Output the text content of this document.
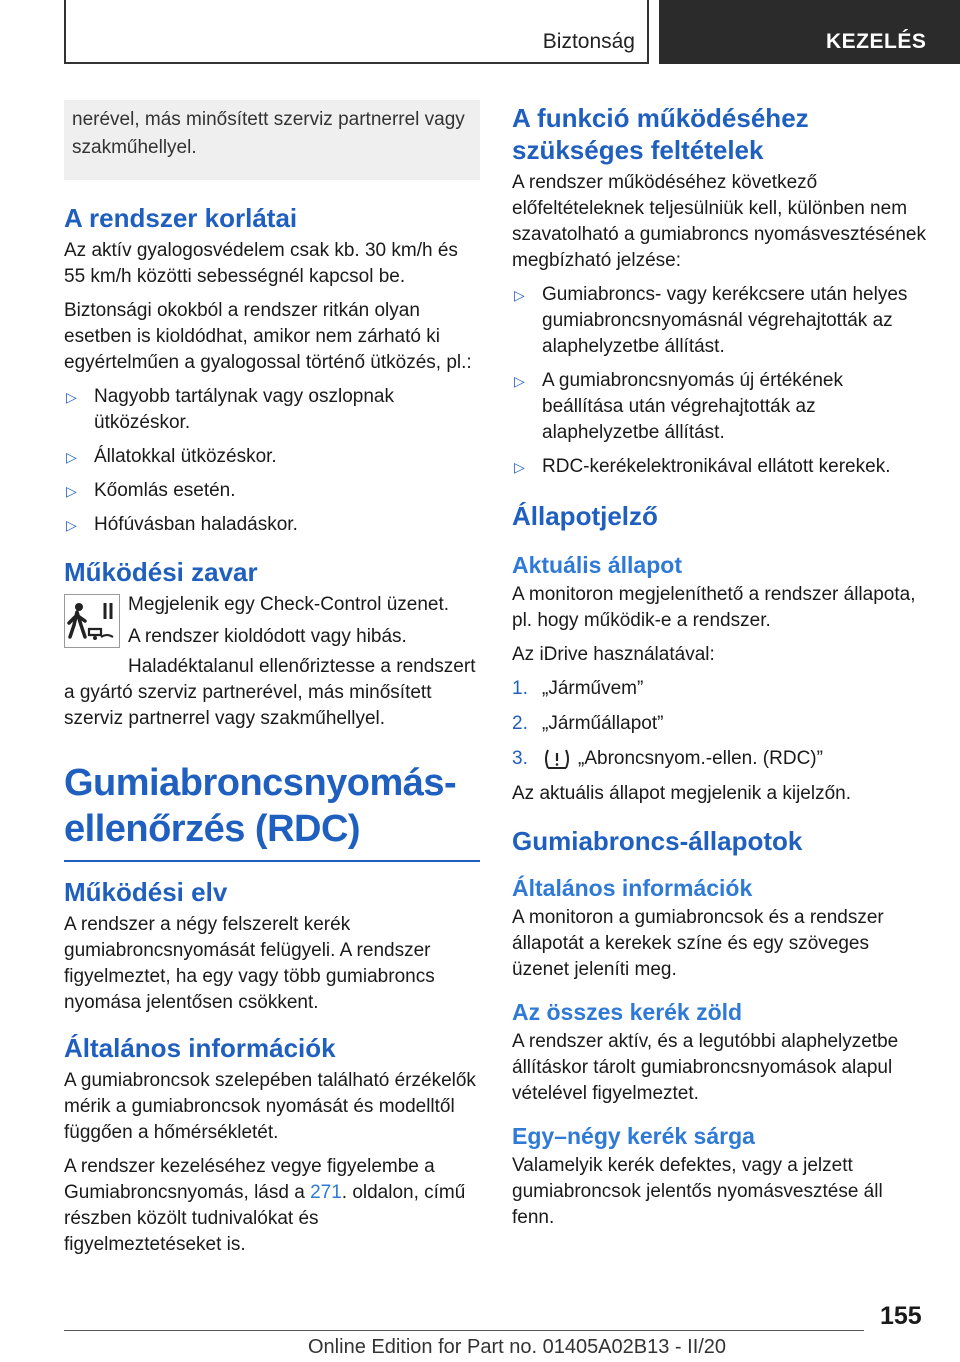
Biztonság	KEZELÉS
nerével, más minősített szerviz partnerrel vagy szakműhellyel.
A rendszer korlátai

Az aktív gyalogosvédelem csak kb. 30 km/h és 55 km/h közötti sebességnél kapcsol be.

Biztonsági okokból a rendszer ritkán olyan esetben is kioldódhat, amikor nem zárható ki egyértelműen a gyalogossal történő ütközés, pl.:

▷ Nagyobb tartálynak vagy oszlopnak ütközéskor.
▷ Állatokkal ütközéskor.
▷ Kőomlás esetén.
▷ Hófúvásban haladáskor.
Működési zavar

Megjelenik egy Check-Control üzenet.

A rendszer kioldódott vagy hibás.

Haladéktalanul ellenőriztesse a rendszert a gyártó szerviz partnerével, más minősített szerviz partnerrel vagy szakműhellyel.

Gumiabroncsnyomás-ellenőrzés (RDC)
Működési elv

A rendszer a négy felszerelt kerék gumiabroncsnyomását felügyeli. A rendszer figyelmeztet, ha egy vagy több gumiabroncs nyomása jelentősen csökkent.

Általános információk

A gumiabroncsok szelepében található érzékelők mérik a gumiabroncsok nyomását és modelltől függően a hőmérsékletét.

A rendszer kezeléséhez vegye figyelembe a Gumiabroncsnyomás, lásd a 271. oldalon, című részben közölt tudnivalókat és figyelmeztetéseket is.

A funkció működéséhez szükséges feltételek

A rendszer működéséhez következő előfeltételeknek teljesülniük kell, különben nem szavatolható a gumiabroncs nyomásvesztésének megbízható jelzése:

▷ Gumiabroncs- vagy kerékcsere után helyes gumiabroncsnyomásnál végrehajtották az alaphelyzetbe állítást.
▷ A gumiabroncsnyomás új értékének beállítása után végrehajtották az alaphelyzetbe állítást.
▷ RDC-kerékelektronikával ellátott kerekek.
Állapotjelző
Aktuális állapot

A monitoron megjeleníthető a rendszer állapota, pl. hogy működik-e a rendszer.

Az iDrive használatával:

1. „Járművem”
2. „Járműállapot”
3.	„Abroncsnyom.-ellen. (RDC)”

Az aktuális állapot megjelenik a kijelzőn.

Gumiabroncs-állapotok
Általános információk

A monitoron a gumiabroncsok és a rendszer állapotát a kerekek színe és egy szöveges üzenet jeleníti meg.

Az összes kerék zöld

A rendszer aktív, és a legutóbbi alaphelyzetbe állításkor tárolt gumiabroncsnyomások alapul vételével figyelmeztet.

Egy–négy kerék sárga

Valamelyik kerék defektes, vagy a jelzett gumiabroncsok jelentős nyomásvesztése áll fenn.

155
Online Edition for Part no. 01405A02B13 - II/20
